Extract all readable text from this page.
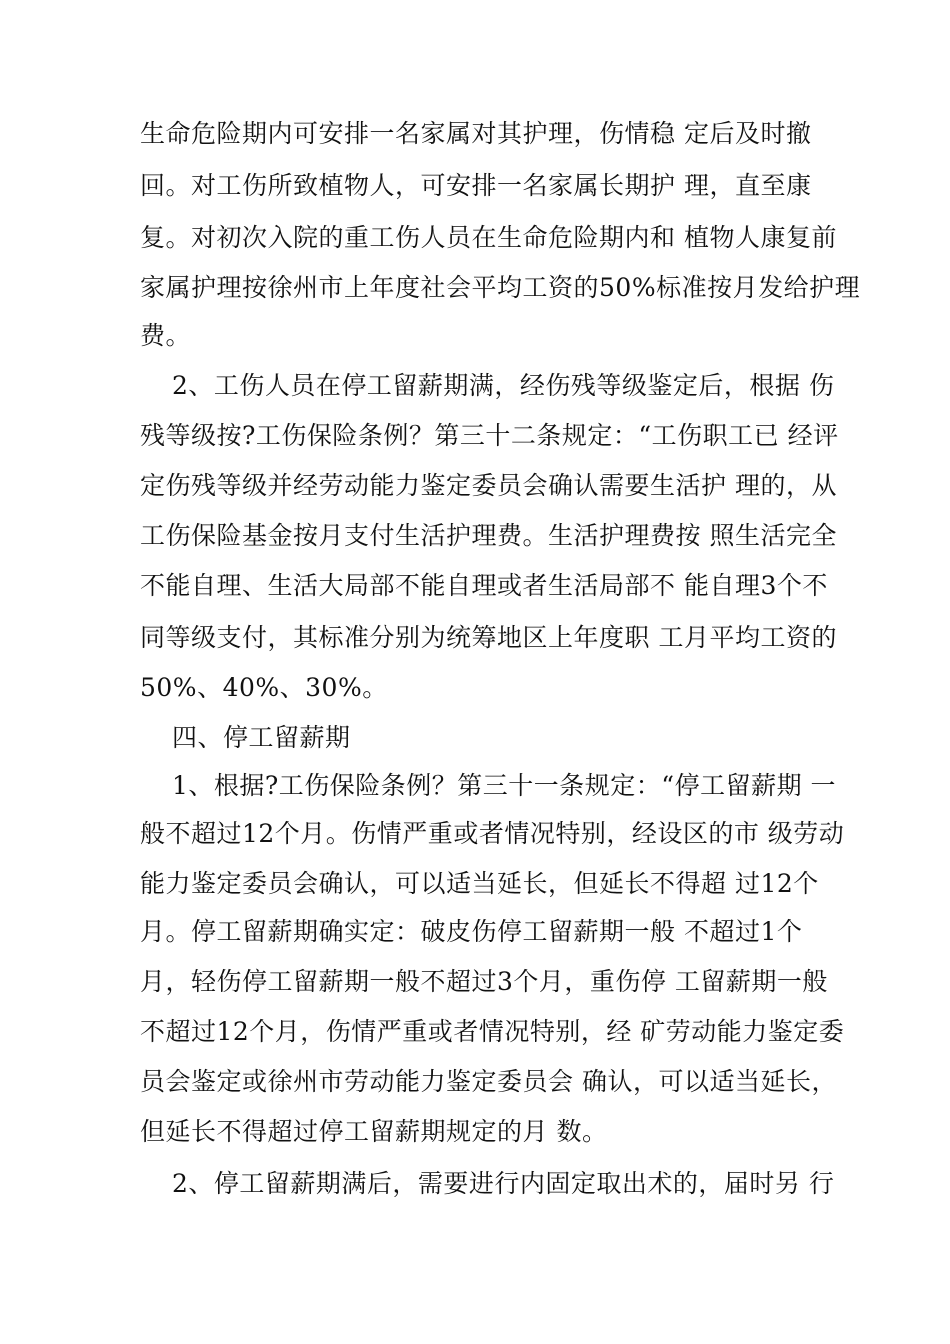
生命危险期内可安排一名家属对其护理，伤情稳 定后及时撤
回。对工伤所致植物人，可安排一名家属长期护 理，直至康
复。对初次入院的重工伤人员在生命危险期内和 植物人康复前
家属护理按徐州市上年度社会平均工资的50%标准按月发给护理
费。
2、工伤人员在停工留薪期满，经伤残等级鉴定后，根据 伤
残等级按?工伤保险条例？第三十二条规定：“工伤职工已 经评
定伤残等级并经劳动能力鉴定委员会确认需要生活护 理的，从
工伤保险基金按月支付生活护理费。生活护理费按 照生活完全
不能自理、生活大局部不能自理或者生活局部不 能自理3个不
同等级支付，其标准分别为统筹地区上年度职 工月平均工资的
50%、40%、30%。
四、停工留薪期
1、根据?工伤保险条例？第三十一条规定：“停工留薪期 一
般不超过12个月。伤情严重或者情况特别，经设区的市 级劳动
能力鉴定委员会确认，可以适当延长，但延长不得超 过12个
月。停工留薪期确实定：破皮伤停工留薪期一般 不超过1个
月，轻伤停工留薪期一般不超过3个月，重伤停 工留薪期一般
不超过12个月，伤情严重或者情况特别，经 矿劳动能力鉴定委
员会鉴定或徐州市劳动能力鉴定委员会 确认，可以适当延长，
但延长不得超过停工留薪期规定的月 数。
2、停工留薪期满后，需要进行内固定取出术的，届时另 行
